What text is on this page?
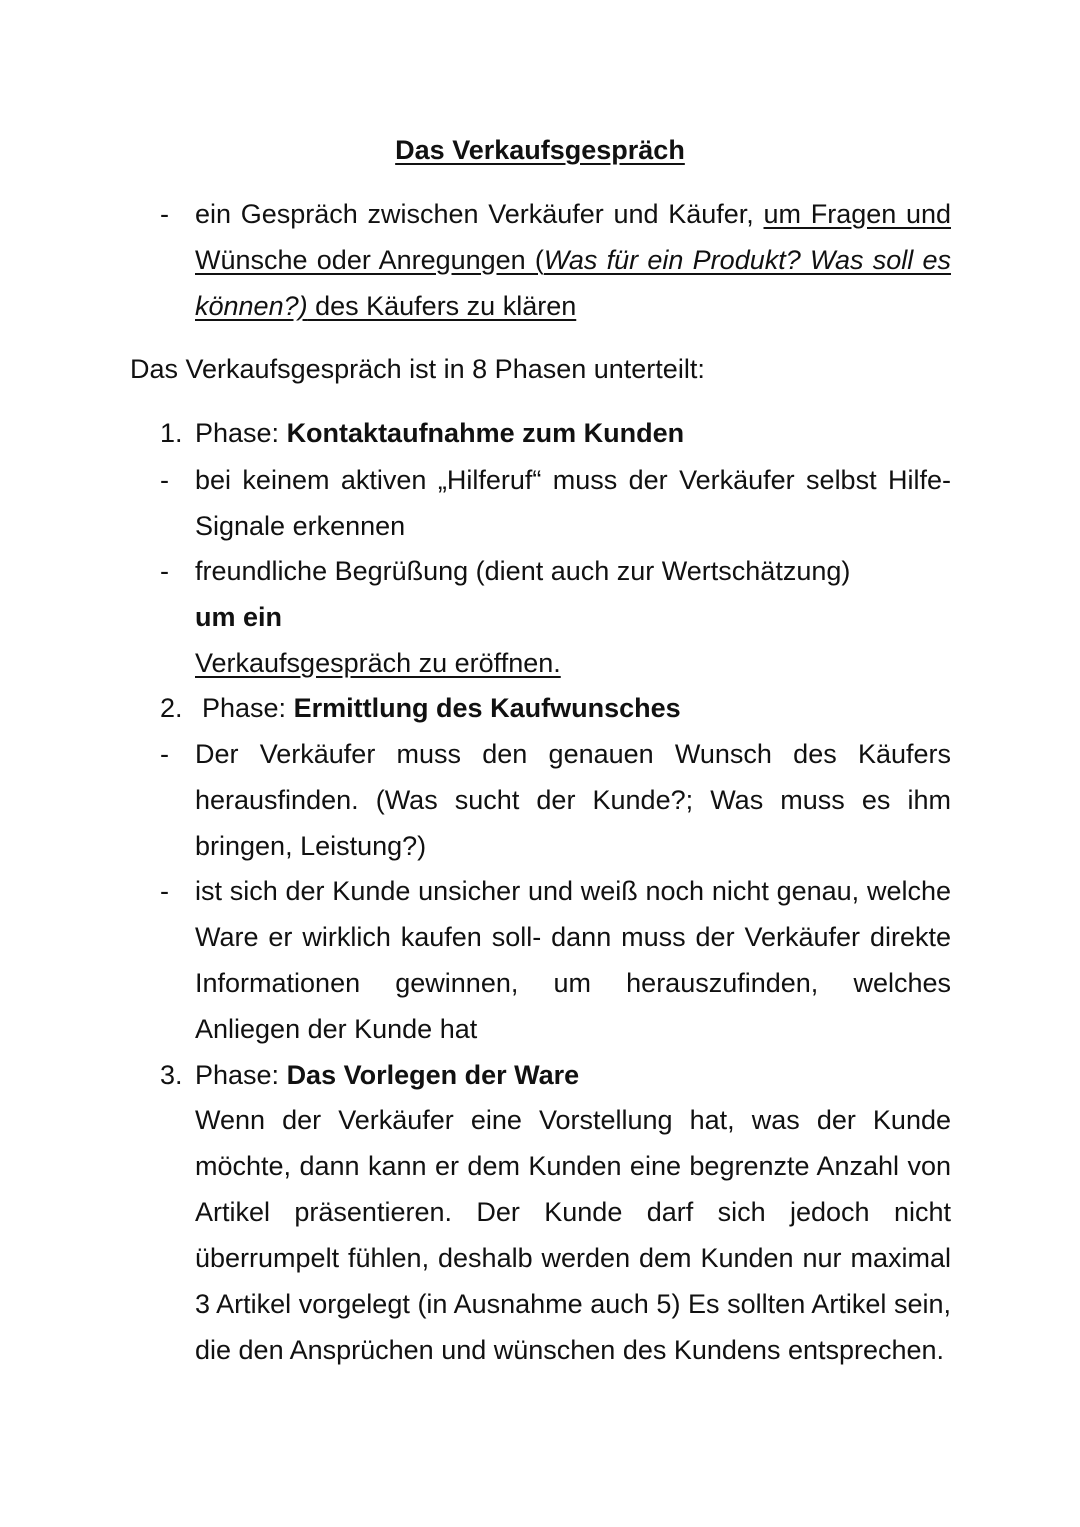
Das Verkaufsgespräch
- ein Gespräch zwischen Verkäufer und Käufer, um Fragen und Wünsche oder Anregungen (Was für ein Produkt? Was soll es können?) des Käufers zu klären
Das Verkaufsgespräch ist in 8 Phasen unterteilt:
1. Phase: Kontaktaufnahme zum Kunden
- bei keinem aktiven „Hilferuf“ muss der Verkäufer selbst Hilfe- Signale erkennen
- freundliche Begrüßung (dient auch zur Wertschätzung)
um ein
Verkaufsgespräch zu eröffnen.
2. Phase: Ermittlung des Kaufwunsches
- Der Verkäufer muss den genauen Wunsch des Käufers herausfinden. (Was sucht der Kunde?; Was muss es ihm bringen, Leistung?)
- ist sich der Kunde unsicher und weiß noch nicht genau, welche Ware er wirklich kaufen soll- dann muss der Verkäufer direkte Informationen gewinnen, um herauszufinden, welches Anliegen der Kunde hat
3. Phase: Das Vorlegen der Ware
Wenn der Verkäufer eine Vorstellung hat, was der Kunde möchte, dann kann er dem Kunden eine begrenzte Anzahl von Artikel präsentieren. Der Kunde darf sich jedoch nicht überrumpelt fühlen, deshalb werden dem Kunden nur maximal 3 Artikel vorgelegt (in Ausnahme auch 5) Es sollten Artikel sein, die den Ansprüchen und wünschen des Kundens entsprechen.
